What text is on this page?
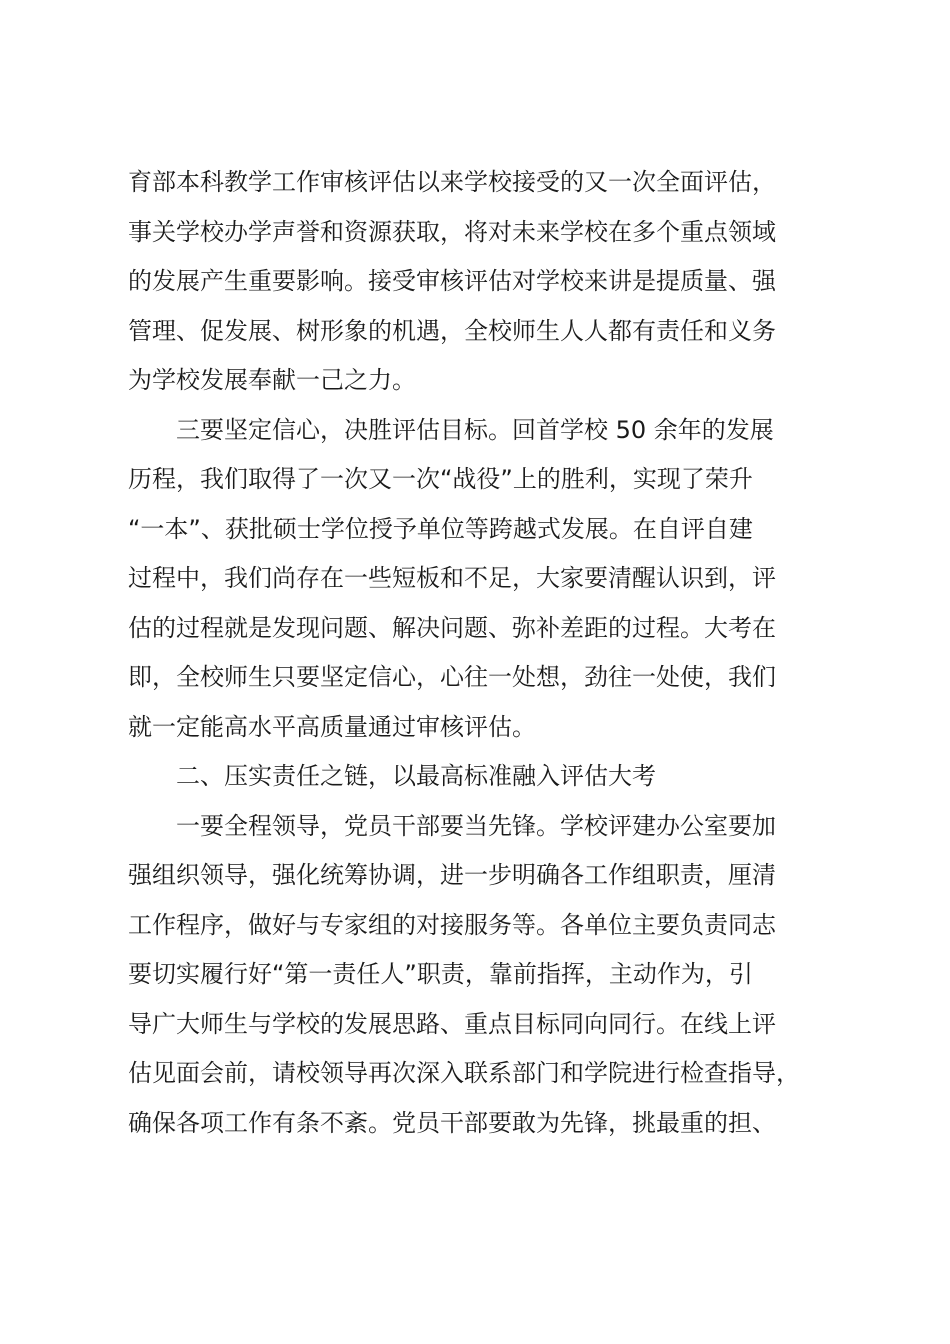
育部本科教学工作审核评估以来学校接受的又一次全面评估，
事关学校办学声誉和资源获取，将对未来学校在多个重点领域
的发展产生重要影响。接受审核评估对学校来讲是提质量、强
管理、促发展、树形象的机遇，全校师生人人都有责任和义务
为学校发展奉献一己之力。
三要坚定信心，决胜评估目标。回首学校 50 余年的发展
历程，我们取得了一次又一次“战役”上的胜利，实现了荣升
“一本”、获批硕士学位授予单位等跨越式发展。在自评自建
过程中，我们尚存在一些短板和不足，大家要清醒认识到，评
估的过程就是发现问题、解决问题、弥补差距的过程。大考在
即，全校师生只要坚定信心，心往一处想，劲往一处使，我们
就一定能高水平高质量通过审核评估。
二、压实责任之链，以最高标准融入评估大考
一要全程领导，党员干部要当先锋。学校评建办公室要加
强组织领导，强化统筹协调，进一步明确各工作组职责，厘清
工作程序，做好与专家组的对接服务等。各单位主要负责同志
要切实履行好“第一责任人”职责，靠前指挥，主动作为，引
导广大师生与学校的发展思路、重点目标同向同行。在线上评
估见面会前，请校领导再次深入联系部门和学院进行检查指导，
确保各项工作有条不紊。党员干部要敢为先锋，挑最重的担、
